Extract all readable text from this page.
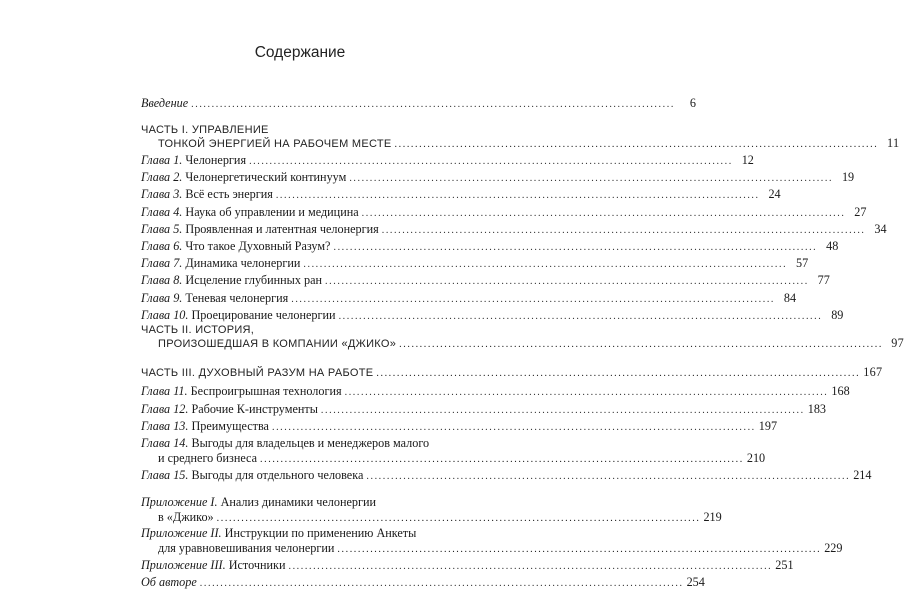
Содержание
Введение ......................................................................................................................	6
ЧАСТЬ I. УПРАВЛЕНИЕ
ТОНКОЙ ЭНЕРГИЕЙ НА РАБОЧЕМ МЕСТЕ ...................................................................................................................... 11
Глава 1. Челонергия ...................................................................................................................... 12
Глава 2. Челонергетический континуум ...................................................................................................................... 19
Глава 3. Всё есть энергия ...................................................................................................................... 24
Глава 4. Наука об управлении и медицина ...................................................................................................................... 27
Глава 5. Проявленная и латентная челонергия ...................................................................................................................... 34
Глава 6. Что такое Духовный Разум? ...................................................................................................................... 48
Глава 7. Динамика челонергии ...................................................................................................................... 57
Глава 8. Исцеление глубинных ран ...................................................................................................................... 77
Глава 9. Теневая челонергия ...................................................................................................................... 84
Глава 10. Проецирование челонергии ...................................................................................................................... 89
ЧАСТЬ II. ИСТОРИЯ,
ПРОИЗОШЕДШАЯ В КОМПАНИИ «ДЖИКО» ...................................................................................................................... 97
ЧАСТЬ III. ДУХОВНЫЙ РАЗУМ НА РАБОТЕ ...................................................................................................................... 167
Глава 11. Беспроигрышная технология ...................................................................................................................... 168
Глава 12. Рабочие К-инструменты ...................................................................................................................... 183
Глава 13. Преимущества ...................................................................................................................... 197
Глава 14. Выгоды для владельцев и менеджеров малого
и среднего бизнеса ...................................................................................................................... 210
Глава 15. Выгоды для отдельного человека ...................................................................................................................... 214
Приложение I. Анализ динамики челонергии
в «Джико» ...................................................................................................................... 219
Приложение II. Инструкции по применению Анкеты
для уравновешивания челонергии ...................................................................................................................... 229
Приложение III. Источники ...................................................................................................................... 251
Об авторе ...................................................................................................................... 254
